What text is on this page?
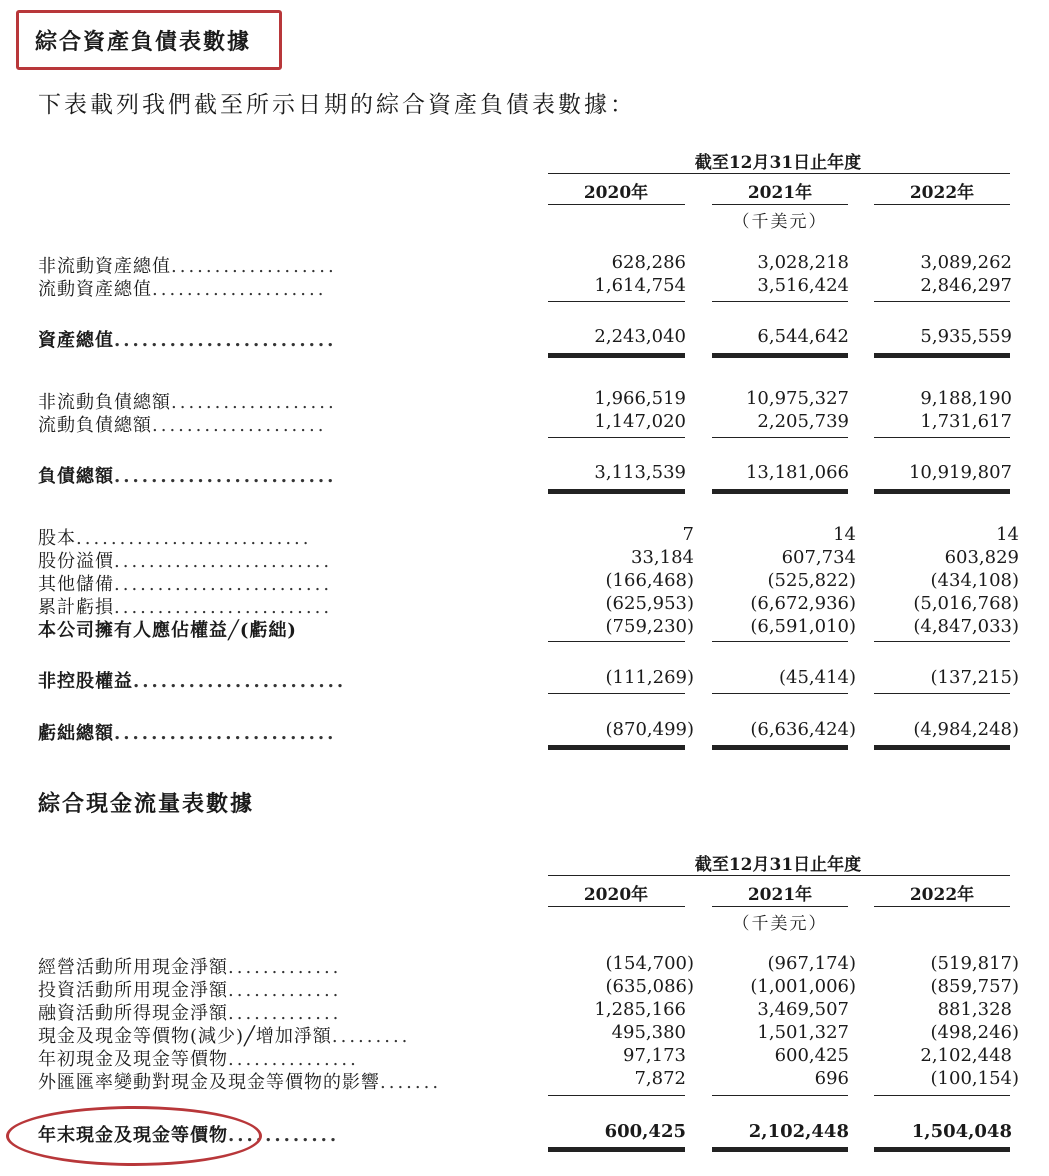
綜合資產負債表數據
下表載列我們截至所示日期的綜合資產負債表數據：
截至12月31日止年度
2020年	2021年	2022年
（千美元）
非流動資產總值...................	628,286	3,028,218	3,089,262
流動資產總值....................	1,614,754	3,516,424	2,846,297
資產總值........................	2,243,040	6,544,642	5,935,559
非流動負債總額...................	1,966,519	10,975,327	9,188,190
流動負債總額....................	1,147,020	2,205,739	1,731,617
負債總額........................	3,113,539	13,181,066	10,919,807
股本...........................	7	14	14
股份溢價.........................	33,184	607,734	603,829
其他儲備.........................	(166,468)	(525,822)	(434,108)
累計虧損.........................	(625,953)	(6,672,936)	(5,016,768)
本公司擁有人應佔權益╱(虧絀)	(759,230)	(6,591,010)	(4,847,033)
非控股權益.......................	(111,269)	(45,414)	(137,215)
虧絀總額........................	(870,499)	(6,636,424)	(4,984,248)
綜合現金流量表數據
截至12月31日止年度
2020年	2021年	2022年
（千美元）
經營活動所用現金淨額.............	(154,700)	(967,174)	(519,817)
投資活動所用現金淨額.............	(635,086)	(1,001,006)	(859,757)
融資活動所得現金淨額.............	1,285,166	3,469,507	881,328
現金及現金等價物(減少)╱增加淨額.........	495,380	1,501,327	(498,246)
年初現金及現金等價物...............	97,173	600,425	2,102,448
外匯匯率變動對現金及現金等價物的影響.......	7,872	696	(100,154)
年末現金及現金等價物............	600,425	2,102,448	1,504,048
